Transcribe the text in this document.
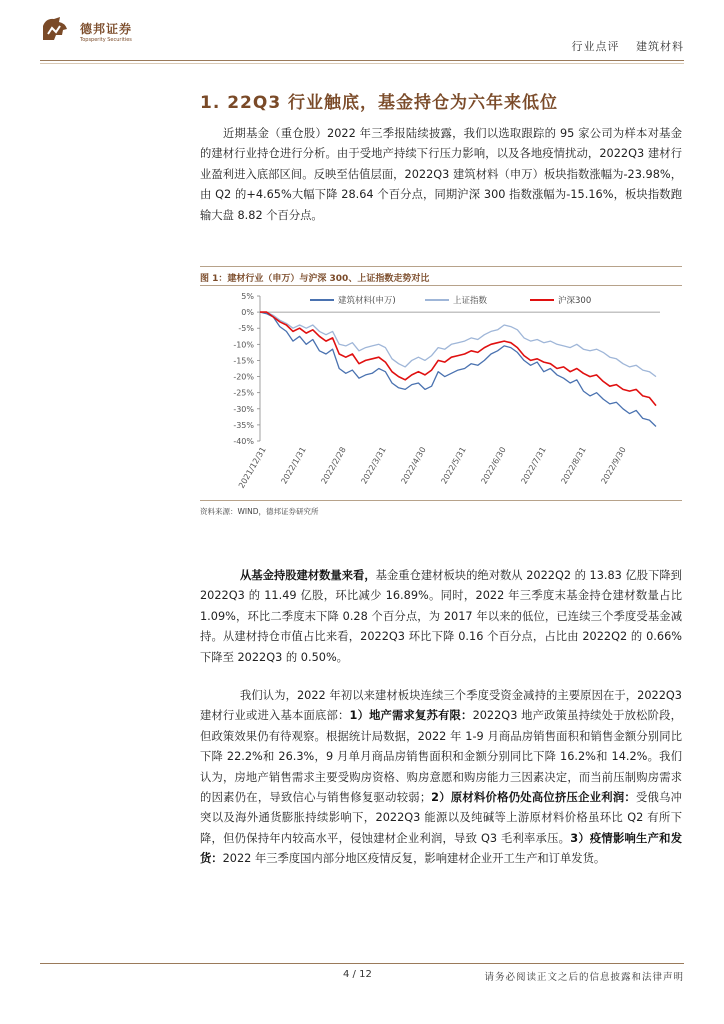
德邦证券
Topsperity Securities	行业点评 建筑材料
1. 22Q3 行业触底，基金持仓为六年来低位
近期基金（重仓股）2022 年三季报陆续披露，我们以选取跟踪的 95 家公司为样本对基金的建材行业持仓进行分析。由于受地产持续下行压力影响，以及各地疫情扰动，2022Q3 建材行业盈利进入底部区间。反映至估值层面，2022Q3 建筑材料（申万）板块指数涨幅为-23.98%，由 Q2 的+4.65%大幅下降 28.64 个百分点，同期沪深 300 指数涨幅为-15.16%，板块指数跑输大盘 8.82 个百分点。
图 1：建材行业（申万）与沪深 300、上证指数走势对比
5%
0%
-5%
-10%
-15%
-20%
-25%
-30%
-35%
-40%
2021/12/31 2022/1/31 2022/2/28 2022/3/31 2022/4/30 2022/5/31 2022/6/30 2022/7/31 2022/8/31 2022/9/30
建筑材料(申万)	上证指数	沪深300
资料来源：WIND，德邦证券研究所
从基金持股建材数量来看，基金重仓建材板块的绝对数从 2022Q2 的 13.83 亿股下降到 2022Q3 的 11.49 亿股，环比减少 16.89%。同时，2022 年三季度末基金持仓建材数量占比 1.09%，环比二季度末下降 0.28 个百分点，为 2017 年以来的低位，已连续三个季度受基金减持。从建材持仓市值占比来看，2022Q3 环比下降 0.16 个百分点，占比由 2022Q2 的 0.66%下降至 2022Q3 的 0.50%。
我们认为，2022 年初以来建材板块连续三个季度受资金减持的主要原因在于，2022Q3 建材行业或进入基本面底部：1）地产需求复苏有限：2022Q3 地产政策虽持续处于放松阶段，但政策效果仍有待观察。根据统计局数据，2022 年 1-9 月商品房销售面积和销售金额分别同比下降 22.2%和 26.3%，9 月单月商品房销售面积和金额分别同比下降 16.2%和 14.2%。我们认为，房地产销售需求主要受购房资格、购房意愿和购房能力三因素决定，而当前压制购房需求的因素仍在，导致信心与销售修复驱动较弱；2）原材料价格仍处高位挤压企业利润：受俄乌冲突以及海外通货膨胀持续影响下，2022Q3 能源以及纯碱等上游原材料价格虽环比 Q2 有所下降，但仍保持年内较高水平，侵蚀建材企业利润，导致 Q3 毛利率承压。3）疫情影响生产和发货：2022 年三季度国内部分地区疫情反复，影响建材企业开工生产和订单发货。
4 / 12	请务必阅读正文之后的信息披露和法律声明
